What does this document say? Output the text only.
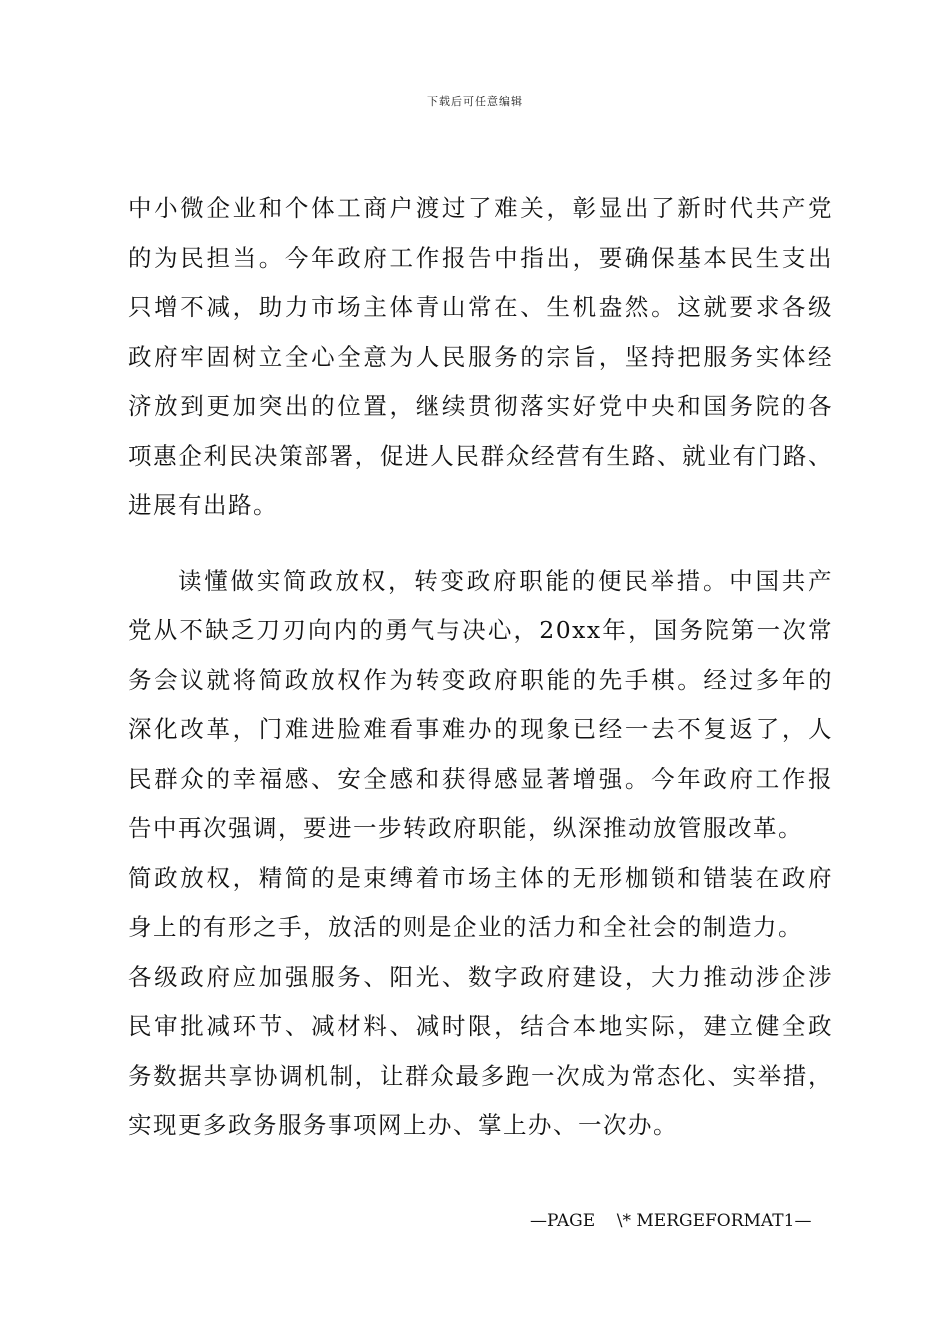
下载后可任意编辑
中小微企业和个体工商户渡过了难关，彰显出了新时代共产党
的为民担当。今年政府工作报告中指出，要确保基本民生支出
只增不减，助力市场主体青山常在、生机盎然。这就要求各级
政府牢固树立全心全意为人民服务的宗旨，坚持把服务实体经
济放到更加突出的位置，继续贯彻落实好党中央和国务院的各
项惠企利民决策部署，促进人民群众经营有生路、就业有门路、
进展有出路。
读懂做实简政放权，转变政府职能的便民举措。中国共产
党从不缺乏刀刃向内的勇气与决心，20xx年，国务院第一次常
务会议就将简政放权作为转变政府职能的先手棋。经过多年的
深化改革，门难进脸难看事难办的现象已经一去不复返了，人
民群众的幸福感、安全感和获得感显著增强。今年政府工作报
告中再次强调，要进一步转政府职能，纵深推动放管服改革。
简政放权，精简的是束缚着市场主体的无形枷锁和错装在政府
身上的有形之手，放活的则是企业的活力和全社会的制造力。
各级政府应加强服务、阳光、数字政府建设，大力推动涉企涉
民审批减环节、减材料、减时限，结合本地实际，建立健全政
务数据共享协调机制，让群众最多跑一次成为常态化、实举措，
实现更多政务服务事项网上办、掌上办、一次办。
—PAGE    \* MERGEFORMAT1—
